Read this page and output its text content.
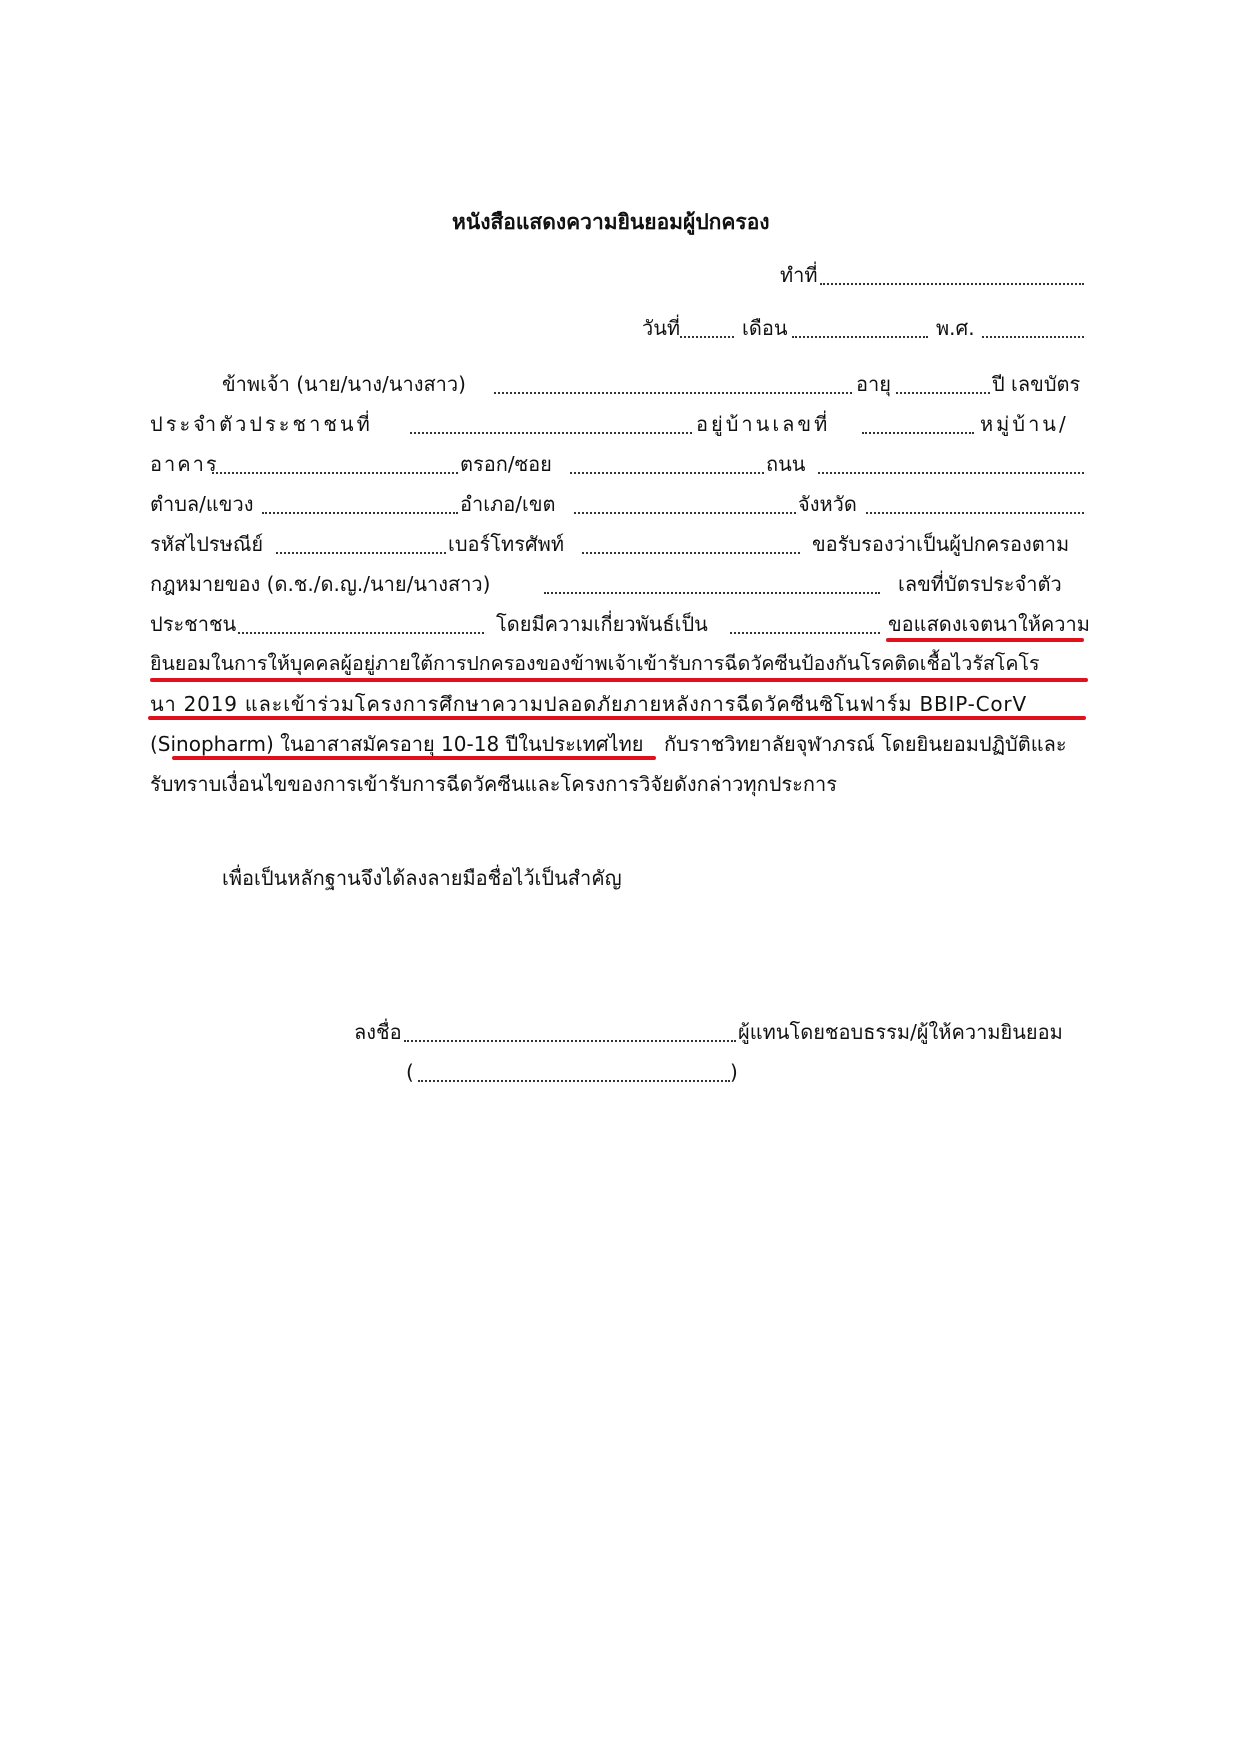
หนังสือแสดงความยินยอมผู้ปกครอง
ทำที่
วันที่	เดือน	พ.ศ.
ข้าพเจ้า (นาย/นาง/นางสาว)	อายุ	ปี เลขบัตร
ประจำตัวประชาชนที่	อยู่บ้านเลขที่	หมู่บ้าน/
อาคาร	ตรอก/ซอย	ถนน
ตำบล/แขวง	อำเภอ/เขต	จังหวัด
รหัสไปรษณีย์	เบอร์โทรศัพท์	ขอรับรองว่าเป็นผู้ปกครองตาม
กฎหมายของ (ด.ช./ด.ญ./นาย/นางสาว)	เลขที่บัตรประจำตัว
ประชาชน	โดยมีความเกี่ยวพันธ์เป็น	ขอแสดงเจตนาให้ความ
ยินยอมในการให้บุคคลผู้อยู่ภายใต้การปกครองของข้าพเจ้าเข้ารับการฉีดวัคซีนป้องกันโรคติดเชื้อไวรัสโคโร
นา 2019 และเข้าร่วมโครงการศึกษาความปลอดภัยภายหลังการฉีดวัคซีนซิโนฟาร์ม BBIP-CorV
(Sinopharm) ในอาสาสมัครอายุ 10-18 ปีในประเทศไทย กับราชวิทยาลัยจุฬาภรณ์ โดยยินยอมปฏิบัติและ
รับทราบเงื่อนไขของการเข้ารับการฉีดวัคซีนและโครงการวิจัยดังกล่าวทุกประการ
เพื่อเป็นหลักฐานจึงได้ลงลายมือชื่อไว้เป็นสำคัญ
ลงชื่อ	ผู้แทนโดยชอบธรรม/ผู้ให้ความยินยอม
(	)
